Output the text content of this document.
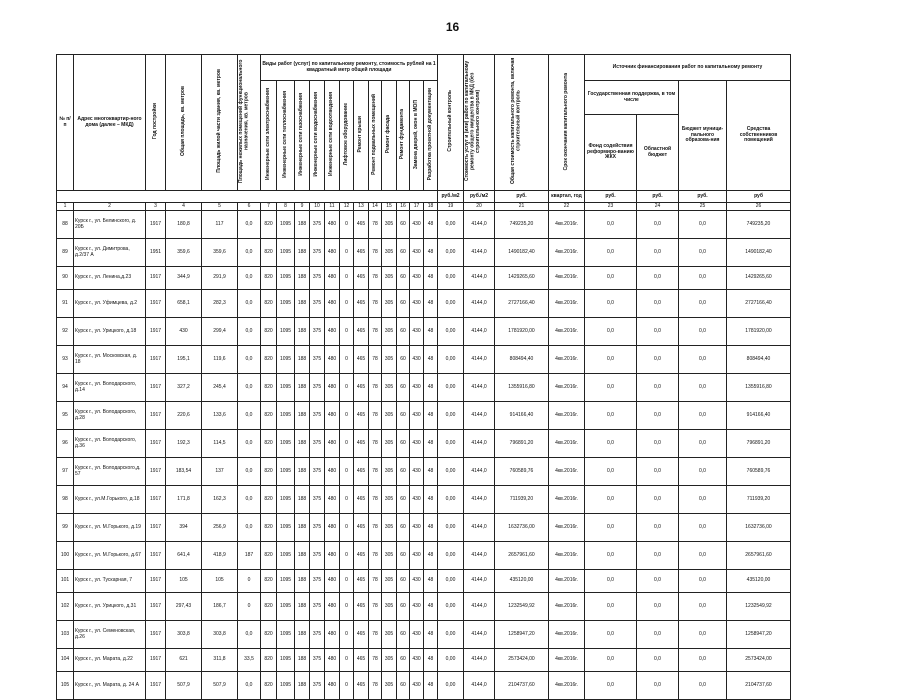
16
№ п/п	Адрес многоквартир-ного дома (далее – МКД)	Год постройки	Общая площадь, кв. метров	Площадь жилой части здания, кв. метров	Площадь нежилых помещений функционального назначения, кв. метров	Виды работ (услуг) по капитальному ремонту, стоимость рублей на 1 квадратный метр общей площади												Строительный контроль	Стоимость услуг и (или) работ по капитальному ремонту общего имущества в МКД (без строительного контроля)	Общая стоимость капитального ремонта, включая строительный контроль	Срок окончания капитального ремонта	Источник финансирования работ по капитальному ремонту			
						Инженерные сети электроснабжения	Инженерные сети теплоснабжения	Инженерные сети газоснабжения	Инженерные сети водоснабжения	Инженерные сети водоотведения	Лифтовое оборудование	Ремонт крыши	Ремонт подвальных помещений	Ремонт фасада	Ремонт фундамента	Замена дверей, окон в МОП	Разработка проектной документации					Государственная поддержка, в том числе		Бюджет муници-пального образова-ния	Средства собственников помещений
																						Фонд содействия реформиро-ванию ЖКХ	Областной бюджет		
																		руб./м2	руб./м2	руб.	квартал, год	руб.	руб.	руб.	руб
1	2	3	4	5	6	7	8	9	10	11	12	13	14	15	16	17	18	19	20	21	22	23	24	25	26
88	Курск г., ул. Белинского, д. 20Б	1917	180,8	117	0,0	820	1095	188	375	480	0	465	78	305	60	430	48	0,00	4144,0	749235,20	4кв.2016г.	0,0	0,0	0,0	749235,20
89	Курск г., ул. Димитрова, д.2/37 А	1951	359,6	359,6	0,0	820	1095	188	375	480	0	465	78	305	60	430	48	0,00	4144,0	1490182,40	4кв.2016г.	0,0	0,0	0,0	1490182,40
90	Курск г., ул. Ленина,д.23	1917	344,9	291,9	0,0	820	1095	188	375	480	0	465	78	305	60	430	48	0,00	4144,0	1429265,60	4кв.2016г.	0,0	0,0	0,0	1429265,60
91	Курск г., ул. Уфимцева, д.2	1917	658,1	282,3	0,0	820	1095	188	375	480	0	465	78	305	60	430	48	0,00	4144,0	2727166,40	4кв.2016г.	0,0	0,0	0,0	2727166,40
92	Курск г., ул. Урицкого, д.18	1917	430	299,4	0,0	820	1095	188	375	480	0	465	78	305	60	430	48	0,00	4144,0	1781920,00	4кв.2016г.	0,0	0,0	0,0	1781920,00
93	Курск г., ул. Московская, д. 18	1917	195,1	119,6	0,0	820	1095	188	375	480	0	465	78	305	60	430	48	0,00	4144,0	808494,40	4кв.2016г.	0,0	0,0	0,0	808494,40
94	Курск г., ул. Володарского, д.14	1917	327,2	245,4	0,0	820	1095	188	375	480	0	465	78	305	60	430	48	0,00	4144,0	1355916,80	4кв.2016г.	0,0	0,0	0,0	1355916,80
95	Курск г., ул. Володарского, д.28	1917	220,6	133,6	0,0	820	1095	188	375	480	0	465	78	305	60	430	48	0,00	4144,0	914166,40	4кв.2016г.	0,0	0,0	0,0	914166,40
96	Курск г., ул. Володарского, д.36	1917	192,3	114,5	0,0	820	1095	188	375	480	0	465	78	305	60	430	48	0,00	4144,0	796891,20	4кв.2016г.	0,0	0,0	0,0	796891,20
97	Курск г., ул. Володарского,д. 57	1917	183,54	137	0,0	820	1095	188	375	480	0	465	78	305	60	430	48	0,00	4144,0	760589,76	4кв.2016г.	0,0	0,0	0,0	760589,76
98	Курск г., ул.М.Горького, д.18	1917	171,8	162,3	0,0	820	1095	188	375	480	0	465	78	305	60	430	48	0,00	4144,0	711939,20	4кв.2016г.	0,0	0,0	0,0	711939,20
99	Курск г., ул. М.Горького, д.19	1917	394	256,9	0,0	820	1095	188	375	480	0	465	78	305	60	430	48	0,00	4144,0	1632736,00	4кв.2016г.	0,0	0,0	0,0	1632736,00
100	Курск г., ул. М.Горького, д.67	1917	641,4	418,9	187	820	1095	188	375	480	0	465	78	305	60	430	48	0,00	4144,0	2657961,60	4кв.2016г.	0,0	0,0	0,0	2657961,60
101	Курск г., ул. Тускарная, 7	1917	105	105	0	820	1095	188	375	480	0	465	78	305	60	430	48	0,00	4144,0	435120,00	4кв.2016г.	0,0	0,0	0,0	435120,00
102	Курск г., ул. Урицкого, д.31	1917	297,43	186,7	0	820	1095	188	375	480	0	465	78	305	60	430	48	0,00	4144,0	1232549,92	4кв.2016г.	0,0	0,0	0,0	1232549,92
103	Курск г., ул. Семеновская, д.26	1917	303,8	303,8	0,0	820	1095	188	375	480	0	465	78	305	60	430	48	0,00	4144,0	1258947,20	4кв.2016г.	0,0	0,0	0,0	1258947,20
104	Курск г., ул. Марата, д.22	1917	621	311,8	33,5	820	1095	188	375	480	0	465	78	305	60	430	48	0,00	4144,0	2573424,00	4кв.2016г.	0,0	0,0	0,0	2573424,00
105	Курск г., ул. Марата, д. 24 А	1917	507,9	507,9	0,0	820	1095	188	375	480	0	465	78	305	60	430	48	0,00	4144,0	2104737,60	4кв.2016г.	0,0	0,0	0,0	2104737,60
